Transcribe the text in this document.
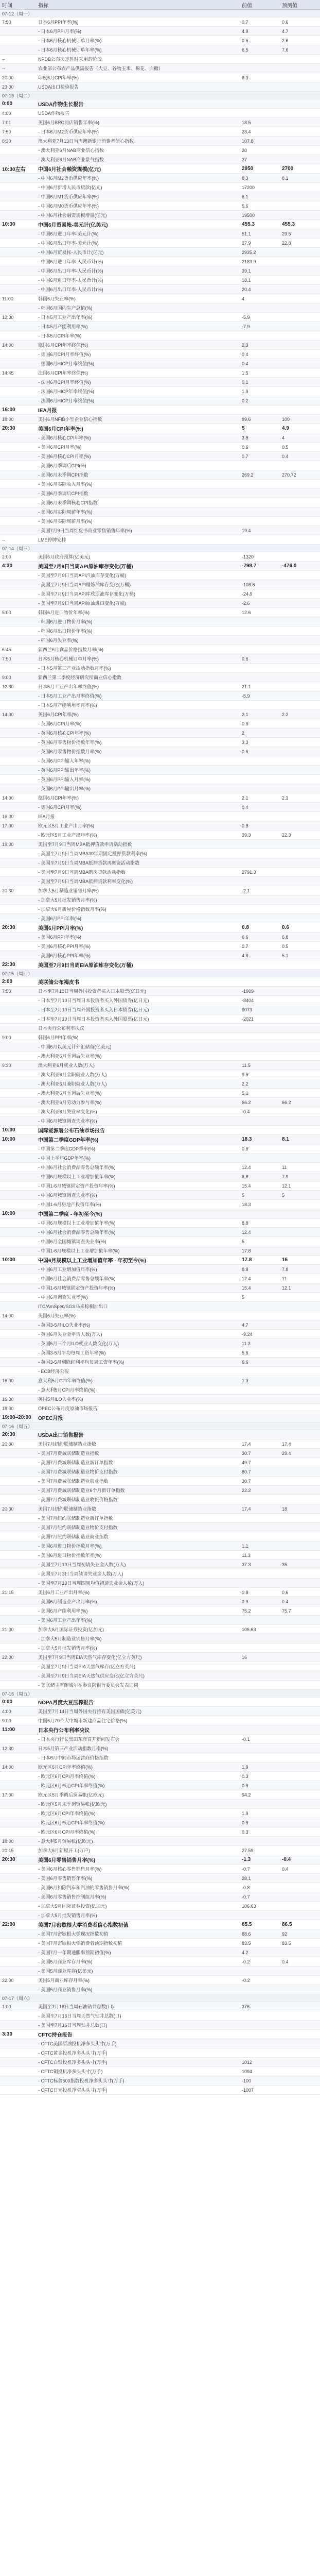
时间	指标	前值	预测值
07-12（周一）			
7:50	日本6月PPI年率(%)	0.7	0.6
	- 日本6月PPI月率(%)	4.9	4.7
	- 日本6月核心机械订单月率(%)	0.6	2.6
	- 日本6月核心机械订单年率(%)	6.5	7.6
--	NPDB公布决定暂时采用的阶段		
--	农业部公布农产品供需报告（大豆、谷物玉米、棉花、白糖）		
20:00	印度6月CPI年率(%)	6.3	
23:00	USDA出口检验报告		
07-13（周二）			
0:00	USDA作物生长报告		
4:00	USDA作物报告		
7:01	英国6月BRC同店销售年率(%)	18.5	
7:50	- 日本6月M2货币供应年率(%)	28.4	
8:30	澳大利亚7月13日当周澳新银行消费者信心指数	107.8	
	- 澳大利亚6月NAB商业信心指数	20	
	- 澳大利亚6月NAB商业景气指数	37	
10:30左右	中国6月社会融资规模(亿元)	2950	2700
	- 中国6月M2货币供应年率(%)	8.3	8.1
	- 中国6月新增人民币贷款(亿元)	17200	
	- 中国6月M1货币供应年率(%)	6.1	
	- 中国6月M0货币供应年率(%)	5.6	
	- 中国6月社会融资规模增量(亿元)	19500	
10:30	中国6月贸易帐-美元计(亿美元)	455.3	455.3
	- 中国6月进口年率-美元计(%)	51.1	29.5
	- 中国6月出口年率-美元计(%)	27.9	22.8
	- 中国6月贸易帐-人民币计(亿元)	2935.2	
	- 中国6月进口年率-人民币计(%)	2183.9	
	- 中国6月出口年率-人民币计(%)	39.1	
	- 中国6月进口年率-人民币计(%)	18.1	
	- 中国6月出口年率-人民币计(%)	20.4	
11:00	韩国6月失业率(%)	4	
	- 韩国6月国内生产总值(%)		
12:30	- 日本5月工业产出年率(%)	-5.9	
	- 日本5月产能利用率(%)	-7.9	
	- 日本5月CPI年率(%)		
14:00	德国6月CPI年率终值(%)	2.3	
	- 德国6月CPI月率终值(%)	0.4	
	- 德国6月HICP月率终值(%)	0.4	
14:45	法国6月CPI年率终值(%)	1.5	
	- 法国6月CPI月率终值(%)	0.1	
	- 法国6月HICP年率终值(%)	1.9	
	- 法国6月HICP月率终值(%)	0.2	
16:00	IEA月报		
18:00	美国6月NFIB小型企业信心指数	99.6	100
20:30	美国6月CPI年率(%)	5	4.9
	- 美国6月核心CPI年率(%)	3.8	4
	- 美国6月CPI月率(%)	0.6	0.5
	- 美国6月核心CPI月率(%)	0.7	0.4
	- 美国6月季调后CPI(%)		
	- 美国6月未季调CPI指数	269.2	270.72
	- 美国6月实际收入月率(%)		
	- 美国6月季调后CPI指数		
	- 美国6月未季调核心CPI指数		
	- 美国6月实际周薪年率(%)		
	- 美国6月实际周薪月率(%)		
	- 美国7月9日当周红皮书商业零售销售年率(%)	19.4	
--	LME停牌安排		
07-14（周三）			
2:00	美国6月政府预算(亿美元)	-1320	
4:30	美国至7月9日当周API原油库存变化(万桶)	-798.7	-476.0
	- 美国至7月9日当周API汽油库存变化(万桶)		
	- 美国至7月9日当周API精炼油库存变化(万桶)	-108.6	
	- 美国至7月9日当周API库欣原油库存变化(万桶)	-24.9	
	- 美国至7月9日当周API原油进口变化(万桶)	-2.6	
5:00	韩国6月进口物价年率(%)	12.6	
	- 韩国6月进口物价月率(%)		
	- 韩国6月出口物价年率(%)		
	- 韩国6月失业率(%)		
6:45	新西兰6月食品价格指数月率(%)		
7:50	日本5月核心机械订单月率(%)	0.6	
	- 日本5月第三产业活动指数月率(%)		
9:00	新西兰第二季度经济研究所商业信心指数		
12:30	日本5月工业产出年率终值(%)	21.1	
	- 日本5月工业产出月率终值(%)	-5.9	
	- 日本5月产能利用率月率(%)		
14:00	英国6月CPI年率(%)	2.1	2.2
	- 英国6月CPI月率(%)	0.6	
	- 英国6月核心CPI年率(%)	2	
	- 英国6月零售物价指数年率(%)	3.3	
	- 英国6月零售物价指数月率(%)	0.6	
	- 英国6月PPI输入年率(%)		
	- 英国6月PPI输出年率(%)		
	- 英国6月PPI输入月率(%)		
	- 英国6月PPI输出月率(%)		
14:00	德国6月CPI年率(%)	2.1	2.3
	- 德国6月CPI月率(%)	0.4	
16:00	IEA月报		
17:00	欧元区5月工业产出月率(%)	0.8	
	- 欧元区5月工业产出年率(%)	39.3	22.3
19:00	美国至7月9日当周MBA抵押贷款申请活动指数		
	- 美国至7月9日当周MBA30年期固定抵押贷款利率(%)		
	- 美国至7月9日当周MBA抵押贷款再融资活动指数		
	- 美国至7月9日当周MBA购房贷款活动指数	2791.3	
	- 美国至7月9日当周MBA抵押贷款利率变化(%)		
20:30	加拿大5月制造业销售月率(%)	-2.1	
	- 加拿大5月批发销售月率(%)		
	- 加拿大6月新屋价格指数月率(%)		
	- 美国6月PPI年率(%)		
20:30	美国6月PPI月率(%)	0.8	0.6
	- 美国6月PPI年率(%)	6.6	6.8
	- 美国6月核心PPI月率(%)	0.7	0.5
	- 美国6月核心PPI年率(%)	4.8	5.1
22:30	美国至7月9日当周EIA原油库存变化(万桶)		
07-15（周四）			
2:00	美联储公布褐皮书		
7:50	日本至7月10日当周外国投资者买入日本股票(亿日元)	-1909	
	- 日本至7月10日当周日本投资者买入外国债券(亿日元)	-8404	
	- 日本至7月10日当周外国投资者买入日本债券(亿日元)	9073	
	- 日本至7月10日当周日本投资者买入外国股票(亿日元)	-2021	
	日本央行公布利率决议		
9:00	韩国6月PPI年率(%)		
	- 中国6月以美元计外汇储备(亿美元)		
	- 澳大利亚6月季调后失业率(%)		
9:30	澳大利亚6月就业人数(万人)	11.5	
	- 澳大利亚6月全职就业人数(万人)	9.6	
	- 澳大利亚6月兼职就业人数(万人)	2.2	
	- 澳大利亚6月季调后失业率(%)	5.1	
	- 澳大利亚6月劳动力参与率(%)	66.2	66.2
	- 澳大利亚6月失业率变化(%)	-0.4	
	- 中国6月城镇调查失业率(%)		
10:00	国际能源署公布石油市场报告		
10:00	中国第二季度GDP年率(%)	18.3	8.1
	- 中国第二季度GDP季率(%)	0.6	
	- 中国上半年GDP年率(%)		
	- 中国6月社会消费品零售总额年率(%)	12.4	11
	- 中国6月规模以上工业增加值年率(%)	8.8	7.9
	- 中国1-6月城镇固定资产投资年率(%)	15.4	12.1
	- 中国6月城镇调查失业率(%)	5	5
	- 中国1-6月房地产投资年率(%)	18.3	
10:00	中国第二季度 - 年初至今(%)		
	- 中国6月规模以上工业增加值年率(%)	8.8	
	- 中国6月社会消费品零售总额年率(%)	12.4	
	- 中国6月全国城镇调查失业率(%)	5	
	- 中国1-6月规模以上工业增加值年率(%)	17.8	
10:00	中国6月规模以上工业增加值年率 - 年初至今(%)	17.8	16
	- 中国6月工业增加值年率(%)	8.8	7.8
	- 中国6月社会消费品零售总额年率(%)	12.4	11
	- 中国1-6月城镇固定资产投资年率(%)	15.4	12.1
	- 中国6月调查失业率(%)	5	
	ITC/AmSpec/SGS马来棕榈油出口		
14:00	英国6月失业率(%)		
	- 英国3-5月ILO失业率(%)	4.7	
	- 英国6月失业金申请人数(万人)	-9.24	
	- 英国5月三个月ILO就业人数变化(万人)	11.3	
	- 英国3-5月平均每周工资年率(%)	5.6	
	- 英国3-5月剔除红利平均每周工资年率(%)	6.6	
	- ECB经济公报		
16:00	意大利5月CPI年率终值(%)	1.3	
	- 意大利5月CPI月率终值(%)		
16:30	英国5月ILO失业率(%)		
18:00	OPEC公布月度原油市场报告		
19:00–20:00	OPEC月报		
07-16（周五）			
20:30	USDA出口销售报告		
20:30	美国7月纽约联储制造业指数	17.4	17.4
	- 美国7月费城联储制造业指数	30.7	29.4
	- 美国7月费城联储制造业新订单指数	49.7	
	- 美国7月费城联储制造业物价支付指数	80.7	
	- 美国7月费城联储制造业就业指数	30.7	
	- 美国7月费城联储制造业6个月新订单指数	22.2	
	- 美国7月费城联储制造业收货价格指数		
20:30	美国7月纽约联储制造业指数	17.4	18
	- 美国7月纽约联储制造业新订单指数		
	- 美国7月纽约联储制造业物价支付指数		
	- 美国7月纽约联储制造业就业指数		
	- 美国6月进口物价指数月率(%)	1.1	
	- 美国6月进口物价指数年率(%)	11.3	
	- 美国至7月10日当周初请失业金人数(万人)	37.3	35
	- 美国至7月3日当周续请失业金人数(万人)		
	- 美国至7月10日当周四周均值初请失业金人数(万人)		
21:15	美国6月工业产出月率(%)	0.8	0.6
	- 美国6月制造业产出月率(%)	0.9	0.4
	- 美国6月产能利用率(%)	75.2	75.7
	- 美国6月工业产出年率(%)		
21:30	加拿大6月国际证券投资(亿加元)	106.63	
	- 加拿大5月制造业销售月率(%)		
	- 加拿大5月批发销售月率(%)		
22:00	美国至7月9日当周EIA天然气库存变化(亿立方英尺)	16	
	- 美国至7月9日当周EIA天然气库存(亿立方英尺)		
	- 美国至7月9日当周EIA天然气供应变化(亿立方英尺)		
	- 美联储主席鲍威尔在参议院银行委员会发表证词		
07-16（周五）			
0:00	NOPA月度大豆压榨报告		
4:00	美国至7月14日当周外国央行持有美国国债(亿美元)		
9:00	中国6月70个大中城市新建商品住宅价格(%)		
11:00	日本央行公布利率决议		
	- 日本央行行长黑田东彦召开新闻发布会	-0.1	
12:30	日本5月第三产业活动指数月率(%)		
	- 日本6月中间市场运营商价格指数		
14:00	欧元区6月CPI年率终值(%)	1.9	
	- 欧元区6月CPI月率终值(%)	0.3	
	- 欧元区6月核心CPI年率终值(%)	0.9	
17:00	欧元区5月季调后贸易帐(亿欧元)	94.2	
	- 欧元区5月未季调贸易帐(亿欧元)		
	- 欧元区6月CPI年率终值(%)	1.9	
	- 欧元区6月核心CPI年率终值(%)	0.9	
	- 欧元区6月CPI月率终值(%)	0.3	
18:00	- 意大利5月贸易帐(亿欧元)		
20:15	加拿大6月新屋开工(万户)	27.59	
20:30	美国6月零售销售月率(%)	-1.3	-0.4
	- 美国6月核心零售销售月率(%)	-0.7	0.4
	- 美国6月零售销售年率(%)	28.1	
	- 美国6月扣除汽车和汽油的零售销售月率(%)	-0.8	
	- 美国6月零售销售控制组月率(%)	-0.7	
	- 加拿大5月国际证券投资(亿加元)	106.63	
	- 加拿大5月批发销售月率(%)		
22:00	美国7月密歇根大学消费者信心指数初值	85.5	86.5
	- 美国7月密歇根大学现况指数初值	88.6	92
	- 美国7月密歇根大学消费者预期指数初值	83.5	83.5
	- 美国7月一年期通胀率预期初值(%)	4.2	
	- 美国5月商业库存月率(%)	-0.2	0.4
	- 美国5月商业库存(亿美元)		
22:00	美国5月商业库存月率(%)	-0.2	
	- 美国5月商业销售月率(%)		
07-17（周六）			
1:00	美国至7月16日当周石油钻井总数(口)	376	
	- 美国至7月16日当周天然气钻井总数(口)		
	- 美国至7月16日当周钻井总数(口)		
3:30	CFTC持仓报告		
	- CFTC美国原油投机净多头头寸(万手)		
	- CFTC黄金投机净多头头寸(万手)		
	- CFTC白银投机净多头头寸(万手)	1012	
	- CFTC铜投机净多头头寸(万手)	1094	
	- CFTC标普500指数投机净多头头寸(万手)	-100	
	- CFTC日元投机净空头头寸(万手)	-1007	
